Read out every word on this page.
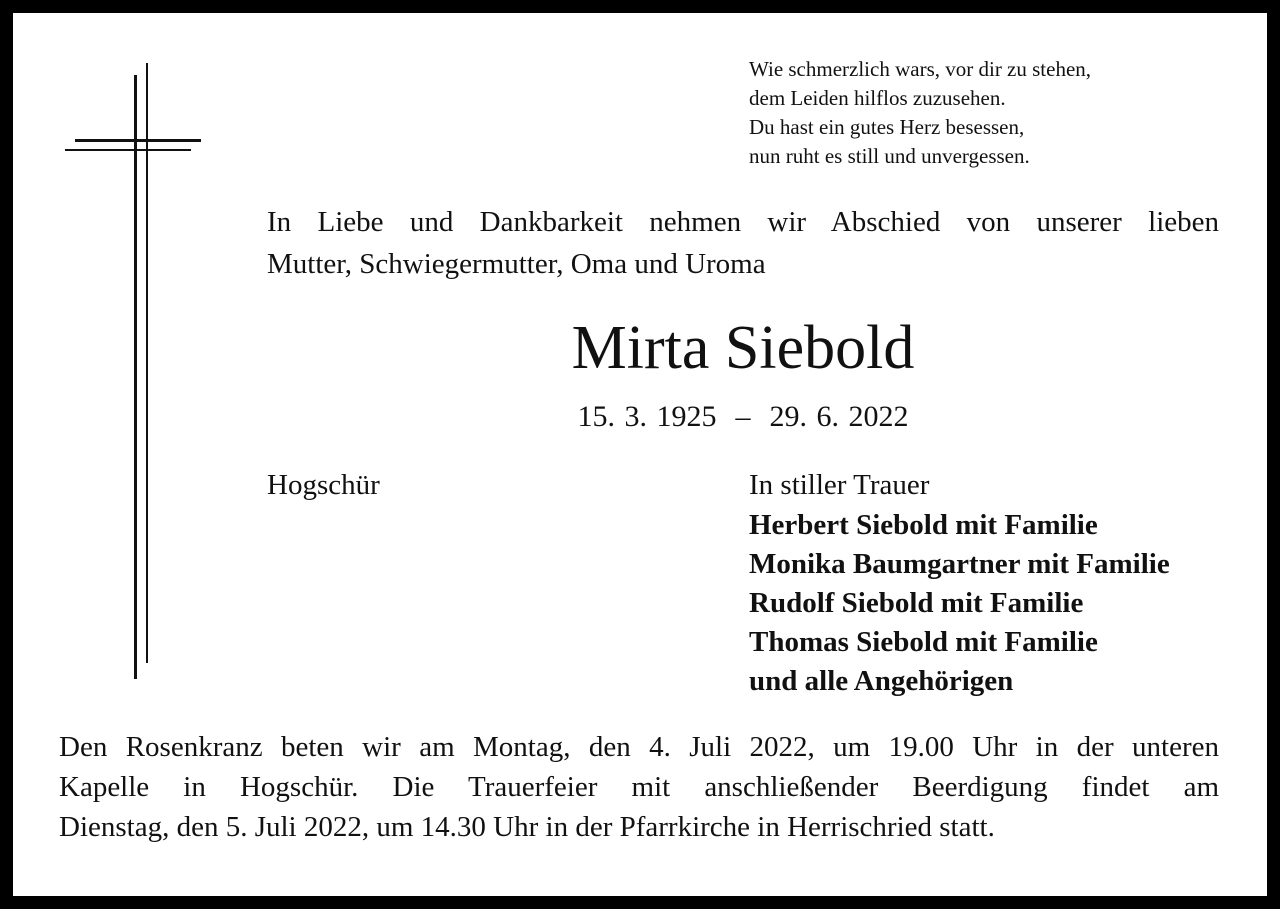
Wie schmerzlich wars, vor dir zu stehen,
dem Leiden hilflos zuzusehen.
Du hast ein gutes Herz besessen,
nun ruht es still und unvergessen.
In Liebe und Dankbarkeit nehmen wir Abschied von unserer lieben
Mutter, Schwiegermutter, Oma und Uroma
Mirta Siebold
15. 3. 1925  –  29. 6. 2022
Hogschür	In stiller Trauer
Herbert Siebold mit Familie
Monika Baumgartner mit Familie
Rudolf Siebold mit Familie
Thomas Siebold mit Familie
und alle Angehörigen
Den Rosenkranz beten wir am Montag, den 4. Juli 2022, um 19.00 Uhr in der unteren
Kapelle in Hogschür. Die Trauerfeier mit anschließender Beerdigung findet am
Dienstag, den 5. Juli 2022, um 14.30 Uhr in der Pfarrkirche in Herrischried statt.
